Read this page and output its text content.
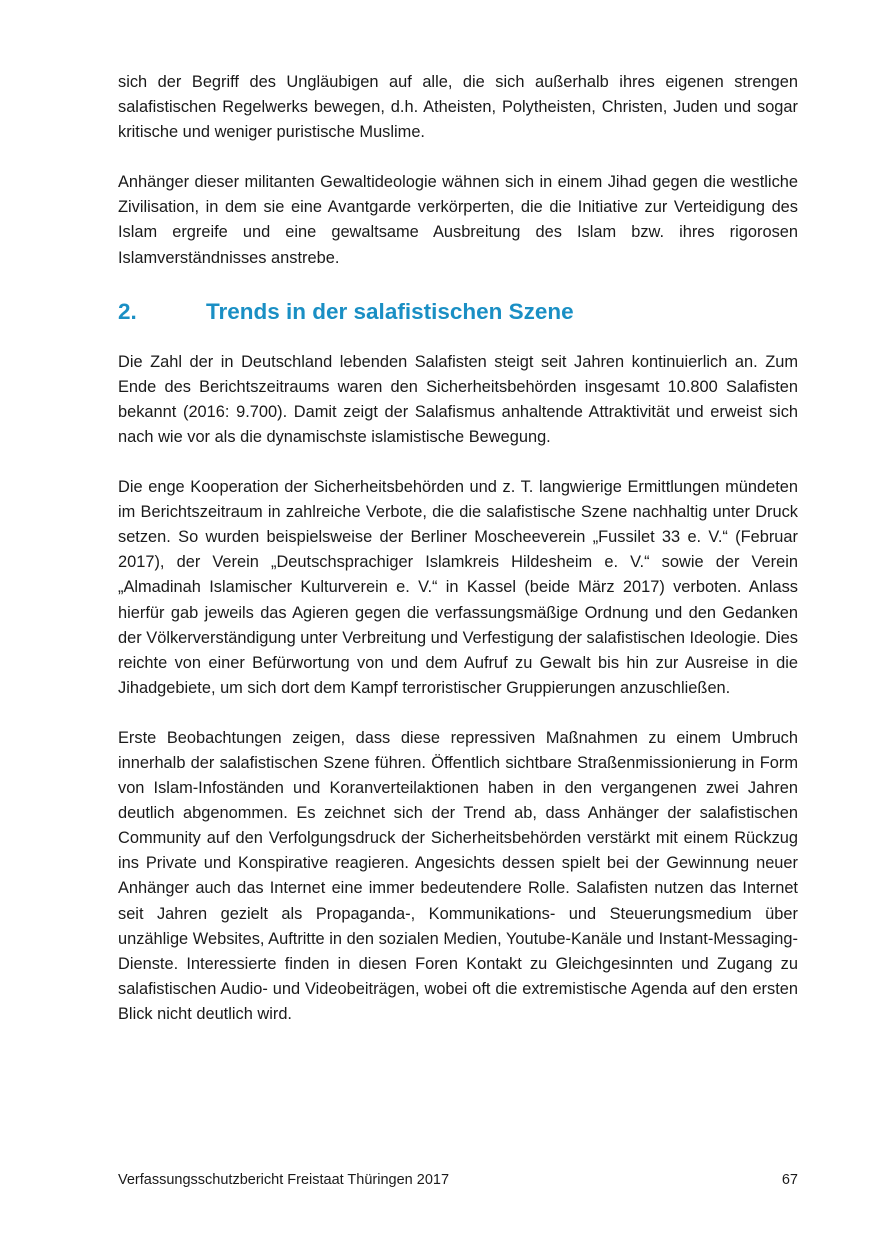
sich der Begriff des Ungläubigen auf alle, die sich außerhalb ihres eigenen strengen salafistischen Regelwerks bewegen, d.h. Atheisten, Polytheisten, Christen, Juden und sogar kritische und weniger puristische Muslime.

Anhänger dieser militanten Gewaltideologie wähnen sich in einem Jihad gegen die westliche Zivilisation, in dem sie eine Avantgarde verkörperten, die die Initiative zur Verteidigung des Islam ergreife und eine gewaltsame Ausbreitung des Islam bzw. ihres rigorosen Islamverständnisses anstrebe.

2.	Trends in der salafistischen Szene

Die Zahl der in Deutschland lebenden Salafisten steigt seit Jahren kontinuierlich an. Zum Ende des Berichtszeitraums waren den Sicherheitsbehörden insgesamt 10.800 Salafisten bekannt (2016: 9.700). Damit zeigt der Salafismus anhaltende Attraktivität und erweist sich nach wie vor als die dynamischste islamistische Bewegung.

Die enge Kooperation der Sicherheitsbehörden und z. T. langwierige Ermittlungen mündeten im Berichtszeitraum in zahlreiche Verbote, die die salafistische Szene nachhaltig unter Druck setzen. So wurden beispielsweise der Berliner Moscheeverein „Fussilet 33 e. V.“ (Februar 2017), der Verein „Deutschsprachiger Islamkreis Hildesheim e. V.“ sowie der Verein „Almadinah Islamischer Kulturverein e. V.“ in Kassel (beide März 2017) verboten. Anlass hierfür gab jeweils das Agieren gegen die verfassungsmäßige Ordnung und den Gedanken der Völkerverständigung unter Verbreitung und Verfestigung der salafistischen Ideologie. Dies reichte von einer Befürwortung von und dem Aufruf zu Gewalt bis hin zur Ausreise in die Jihadgebiete, um sich dort dem Kampf terroristischer Gruppierungen anzuschließen.

Erste Beobachtungen zeigen, dass diese repressiven Maßnahmen zu einem Umbruch innerhalb der salafistischen Szene führen. Öffentlich sichtbare Straßenmissionierung in Form von Islam-Infoständen und Koranverteilaktionen haben in den vergangenen zwei Jahren deutlich abgenommen. Es zeichnet sich der Trend ab, dass Anhänger der salafistischen Community auf den Verfolgungsdruck der Sicherheitsbehörden verstärkt mit einem Rückzug ins Private und Konspirative reagieren. Angesichts dessen spielt bei der Gewinnung neuer Anhänger auch das Internet eine immer bedeutendere Rolle. Salafisten nutzen das Internet seit Jahren gezielt als Propaganda-, Kommunikations- und Steuerungsmedium über unzählige Websites, Auftritte in den sozialen Medien, Youtube-Kanäle und Instant-Messaging-Dienste. Interessierte finden in diesen Foren Kontakt zu Gleichgesinnten und Zugang zu salafistischen Audio- und Videobeiträgen, wobei oft die extremistische Agenda auf den ersten Blick nicht deutlich wird.

Verfassungsschutzbericht Freistaat Thüringen 2017	67
